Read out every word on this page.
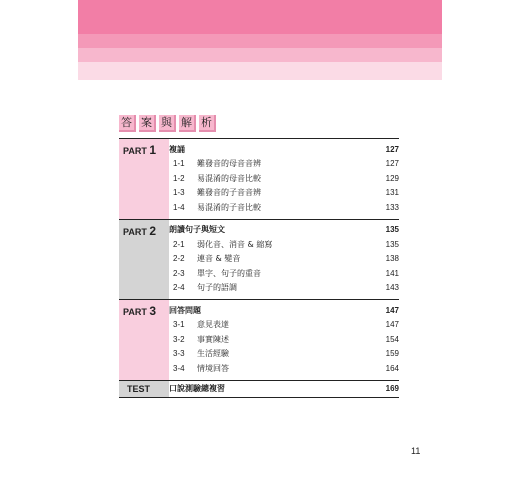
答 案 與 解 析
PART 1	複誦	127
1-1	難發音的母音音辨	127
1-2	易混淆的母音比較	129
1-3	難發音的子音音辨	131
1-4	易混淆的子音比較	133
PART 2	朗讀句子與短文	135
2-1	弱化音、消音 & 縮寫	135
2-2	連音 & 變音	138
2-3	單字、句子的重音	141
2-4	句子的語調	143
PART 3	回答問題	147
3-1	意見表達	147
3-2	事實陳述	154
3-3	生活經驗	159
3-4	情境回答	164
TEST 口說測驗總複習	169
11
